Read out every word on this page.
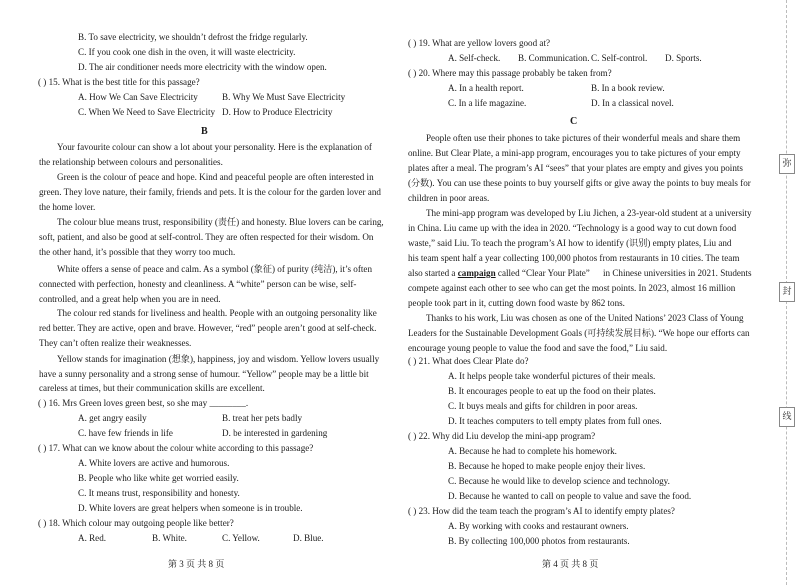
B
B. To save electricity, we shouldn’t defrost the fridge regularly.
C. If you cook one dish in the oven, it will waste electricity.
D. The air conditioner needs more electricity with the window open.
( ) 15. What is the best title for this passage?
A. How We Can Save Electricity	B. Why We Must Save Electricity
C. When We Need to Save Electricity D. How to Produce Electricity
Your favourite colour can show a lot about your personality. Here is the explanation of
the relationship between colours and personalities.
Green is the colour of peace and hope. Kind and peaceful people are often interested in
green. They love nature, their family, friends and pets. It is the colour for the garden lover and
the home lover.
The colour blue means trust, responsibility (责任) and honesty. Blue lovers can be caring,
soft, patient, and also be good at self-control. They are often respected for their wisdom. On
the other hand, it’s possible that they worry too much.
White offers a sense of peace and calm. As a symbol (象征) of purity (纯洁), it’s often
connected with perfection, honesty and cleanliness. A “white” person can be wise, self-
controlled, and a great help when you are in need.
The colour red stands for liveliness and health. People with an outgoing personality like
red better. They are active, open and brave. However, “red” people aren’t good at self-check.
They can’t often realize their weaknesses.
Yellow stands for imagination (想象), happiness, joy and wisdom. Yellow lovers usually
have a sunny personality and a strong sense of humour. “Yellow” people may be a little bit
careless at times, but their communication skills are excellent.
( ) 16. Mrs Green loves green best, so she may ________.
A. get angry easily	B. treat her pets badly
C. have few friends in life	D. be interested in gardening
( ) 17. What can we know about the colour white according to this passage?
A. White lovers are active and humorous.
B. People who like white get worried easily.
C. It means trust, responsibility and honesty.
D. White lovers are great helpers when someone is in trouble.
( ) 18. Which colour may outgoing people like better?
A. Red.	B. White.	C. Yellow.	D. Blue.
第 3 页 共 8 页
C
( ) 19. What are yellow lovers good at?
A. Self-check. B. Communication. C. Self-control. D. Sports.
( ) 20. Where may this passage probably be taken from?
A. In a health report.	B. In a book review.
C. In a life magazine.	D. In a classical novel.
People often use their phones to take pictures of their wonderful meals and share them
online. But Clear Plate, a mini-app program, encourages you to take pictures of your empty
plates after a meal. The program’s AI “sees” that your plates are empty and gives you points
(分数). You can use these points to buy yourself gifts or give away the points to buy meals for
children in poor areas.
The mini-app program was developed by Liu Jichen, a 23-year-old student at a university
in China. Liu came up with the idea in 2020. “Technology is a good way to cut down food
waste,” said Liu. To teach the program’s AI how to identify (识别) empty plates, Liu and
his team spent half a year collecting 100,000 photos from restaurants in 10 cities. The team
in Chinese universities in 2021. Students
compete against each other to see who can get the most points. In 2023, almost 16 million
people took part in it, cutting down food waste by 862 tons.
Thanks to his work, Liu was chosen as one of the United Nations’ 2023 Class of Young
Leaders for the Sustainable Development Goals (可持续发展目标). “We hope our efforts can
encourage young people to value the food and save the food,” Liu said.
( ) 21. What does Clear Plate do?
A. It helps people take wonderful pictures of their meals.
B. It encourages people to eat up the food on their plates.
C. It buys meals and gifts for children in poor areas.
D. It teaches computers to tell empty plates from full ones.
( ) 22. Why did Liu develop the mini-app program?
A. Because he had to complete his homework.
B. Because he hoped to make people enjoy their lives.
C. Because he would like to develop science and technology.
D. Because he wanted to call on people to value and save the food.
( ) 23. How did the team teach the program’s AI to identify empty plates?
A. By working with cooks and restaurant owners.
B. By collecting 100,000 photos from restaurants.
also started a campaign called “Clear Your Plate”
第 4 页 共 8 页
弥
封
线
